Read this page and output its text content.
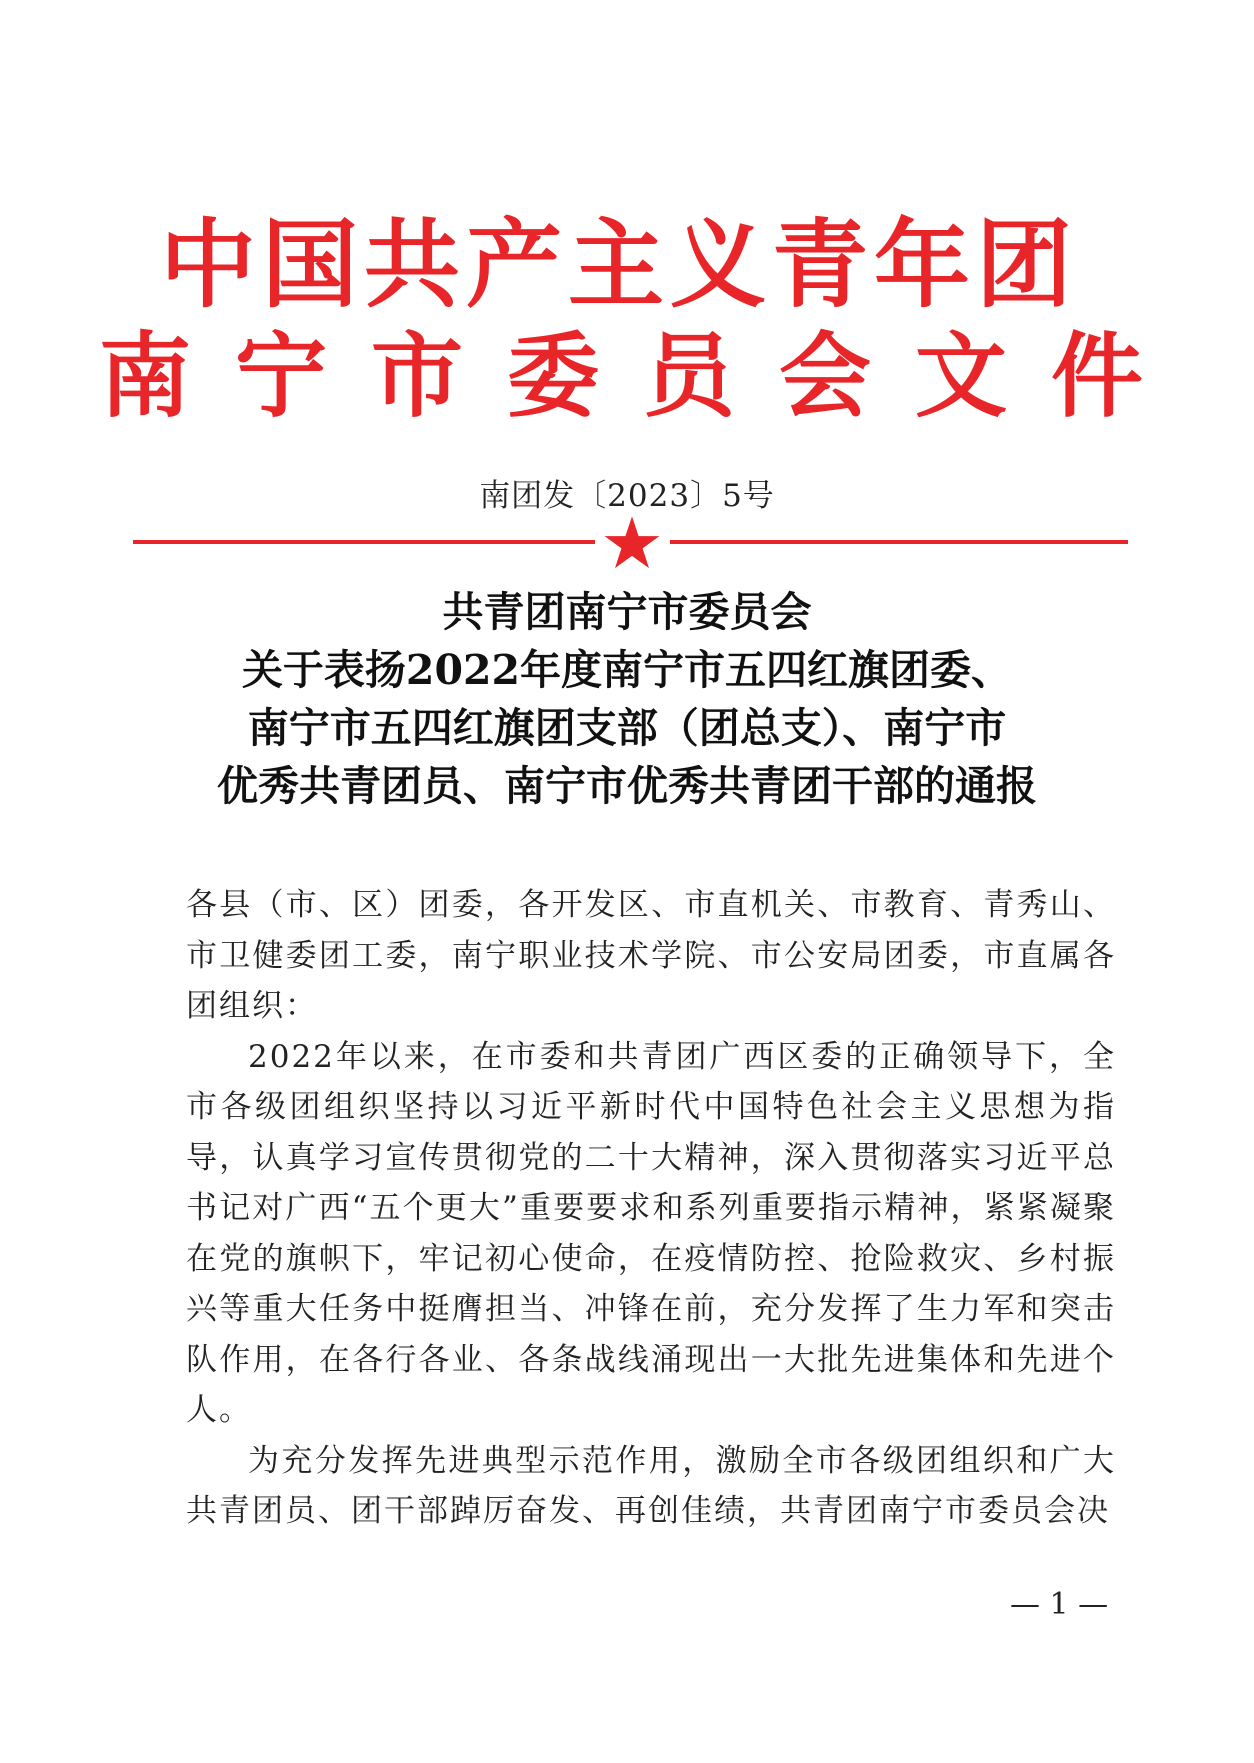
中国共产主义青年团
南宁市委员会文件
南团发〔2023〕5号
共青团南宁市委员会
关于表扬2022年度南宁市五四红旗团委、
南宁市五四红旗团支部（团总支）、南宁市
优秀共青团员、南宁市优秀共青团干部的通报

各县（市、区）团委，各开发区、市直机关、市教育、青秀山、市卫健委团工委，南宁职业技术学院、市公安局团委，市直属各团组织：

2022年以来，在市委和共青团广西区委的正确领导下，全市各级团组织坚持以习近平新时代中国特色社会主义思想为指导，认真学习宣传贯彻党的二十大精神，深入贯彻落实习近平总书记对广西“五个更大”重要要求和系列重要指示精神，紧紧凝聚在党的旗帜下，牢记初心使命，在疫情防控、抢险救灾、乡村振兴等重大任务中挺膺担当、冲锋在前，充分发挥了生力军和突击队作用，在各行各业、各条战线涌现出一大批先进集体和先进个人。

为充分发挥先进典型示范作用，激励全市各级团组织和广大共青团员、团干部踔厉奋发、再创佳绩，共青团南宁市委员会决

— 1 —
